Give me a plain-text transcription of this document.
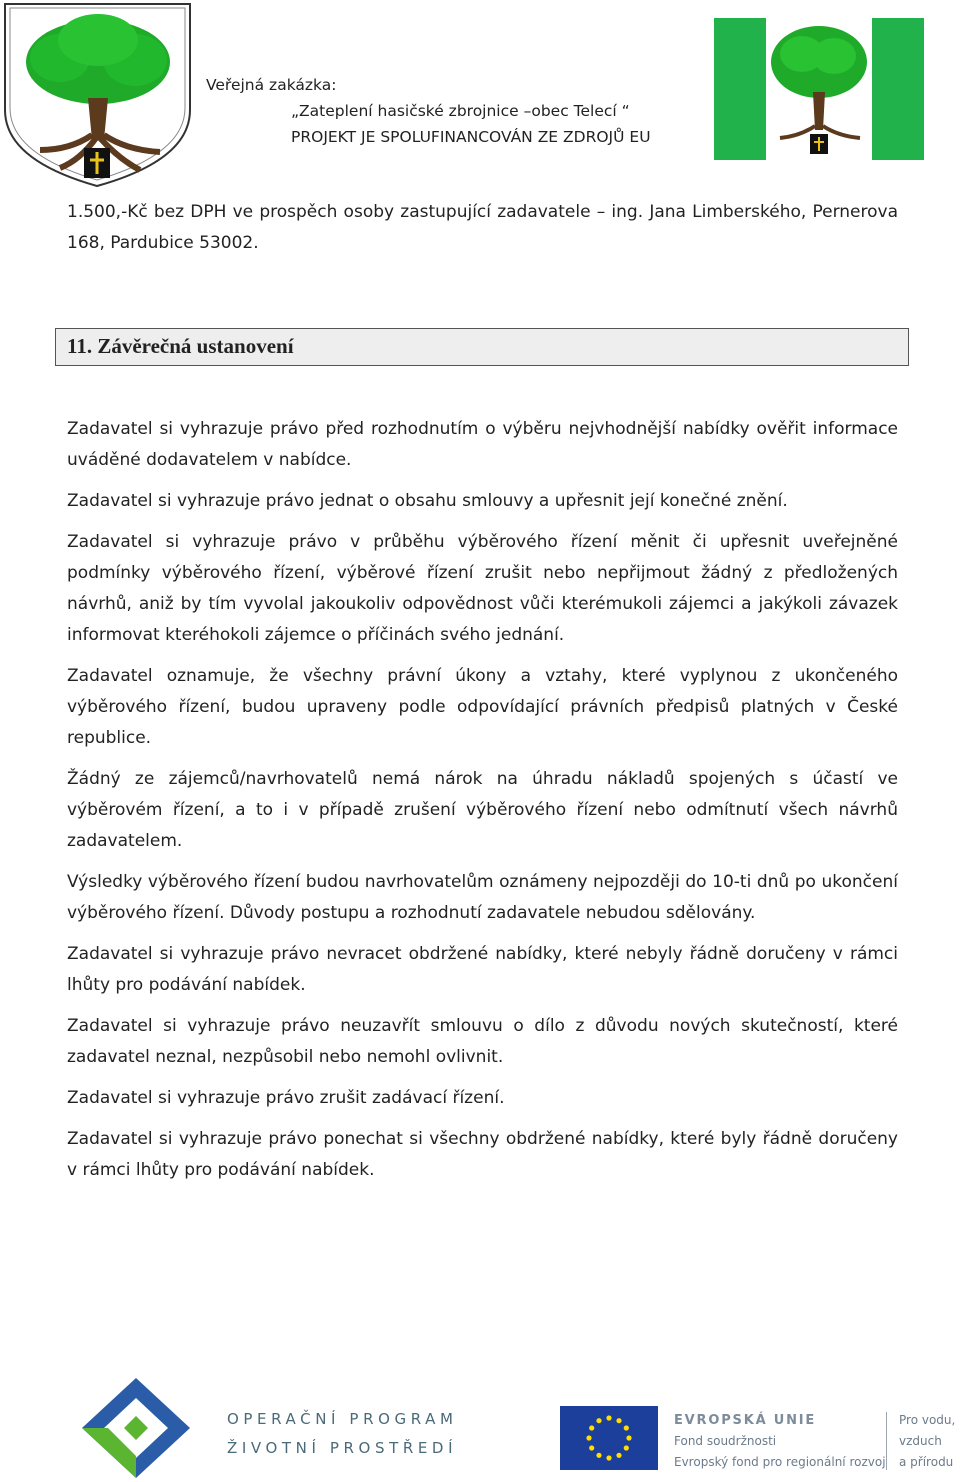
Veřejná zakázka:
„Zateplení hasičské zbrojnice –obec Telecí “
PROJEKT JE SPOLUFINANCOVÁN ZE ZDROJŮ EU

1.500,-Kč bez DPH ve prospěch osoby zastupující zadavatele – ing. Jana Limberského, Pernerova 168, Pardubice 53002.

11. Závěrečná ustanovení

Zadavatel si vyhrazuje právo před rozhodnutím o výběru nejvhodnější nabídky ověřit informace uváděné dodavatelem v nabídce.

Zadavatel si vyhrazuje právo jednat o obsahu smlouvy a upřesnit její konečné znění.

Zadavatel si vyhrazuje právo v průběhu výběrového řízení měnit či upřesnit uveřejněné podmínky výběrového řízení, výběrové řízení zrušit nebo nepřijmout žádný z předložených návrhů, aniž by tím vyvolal jakoukoliv odpovědnost vůči kterémukoli zájemci a jakýkoli závazek informovat kteréhokoli zájemce o příčinách svého jednání.

Zadavatel oznamuje, že všechny právní úkony a vztahy, které vyplynou z ukončeného výběrového řízení, budou upraveny podle odpovídající právních předpisů platných v České republice.

Žádný ze zájemců/navrhovatelů nemá nárok na úhradu nákladů spojených s účastí ve výběrovém řízení, a to i v případě zrušení výběrového řízení nebo odmítnutí všech návrhů zadavatelem.

Výsledky výběrového řízení budou navrhovatelům oznámeny nejpozději do 10-ti dnů po ukončení výběrového řízení. Důvody postupu a rozhodnutí zadavatele nebudou sdělovány.

Zadavatel si vyhrazuje právo nevracet obdržené nabídky, které nebyly řádně doručeny v rámci lhůty pro podávání nabídek.

Zadavatel si vyhrazuje právo neuzavřít smlouvu o dílo z důvodu nových skutečností, které zadavatel neznal, nezpůsobil nebo nemohl ovlivnit.

Zadavatel si vyhrazuje právo zrušit zadávací řízení.

Zadavatel si vyhrazuje právo ponechat si všechny obdržené nabídky, které byly řádně doručeny v rámci lhůty pro podávání nabídek.

OPERAČNÍ PROGRAM
ŽIVOTNÍ PROSTŘEDÍ
EVROPSKÁ UNIE
Fond soudržnosti
Evropský fond pro regionální rozvoj
Pro vodu,
vzduch
a přírodu
